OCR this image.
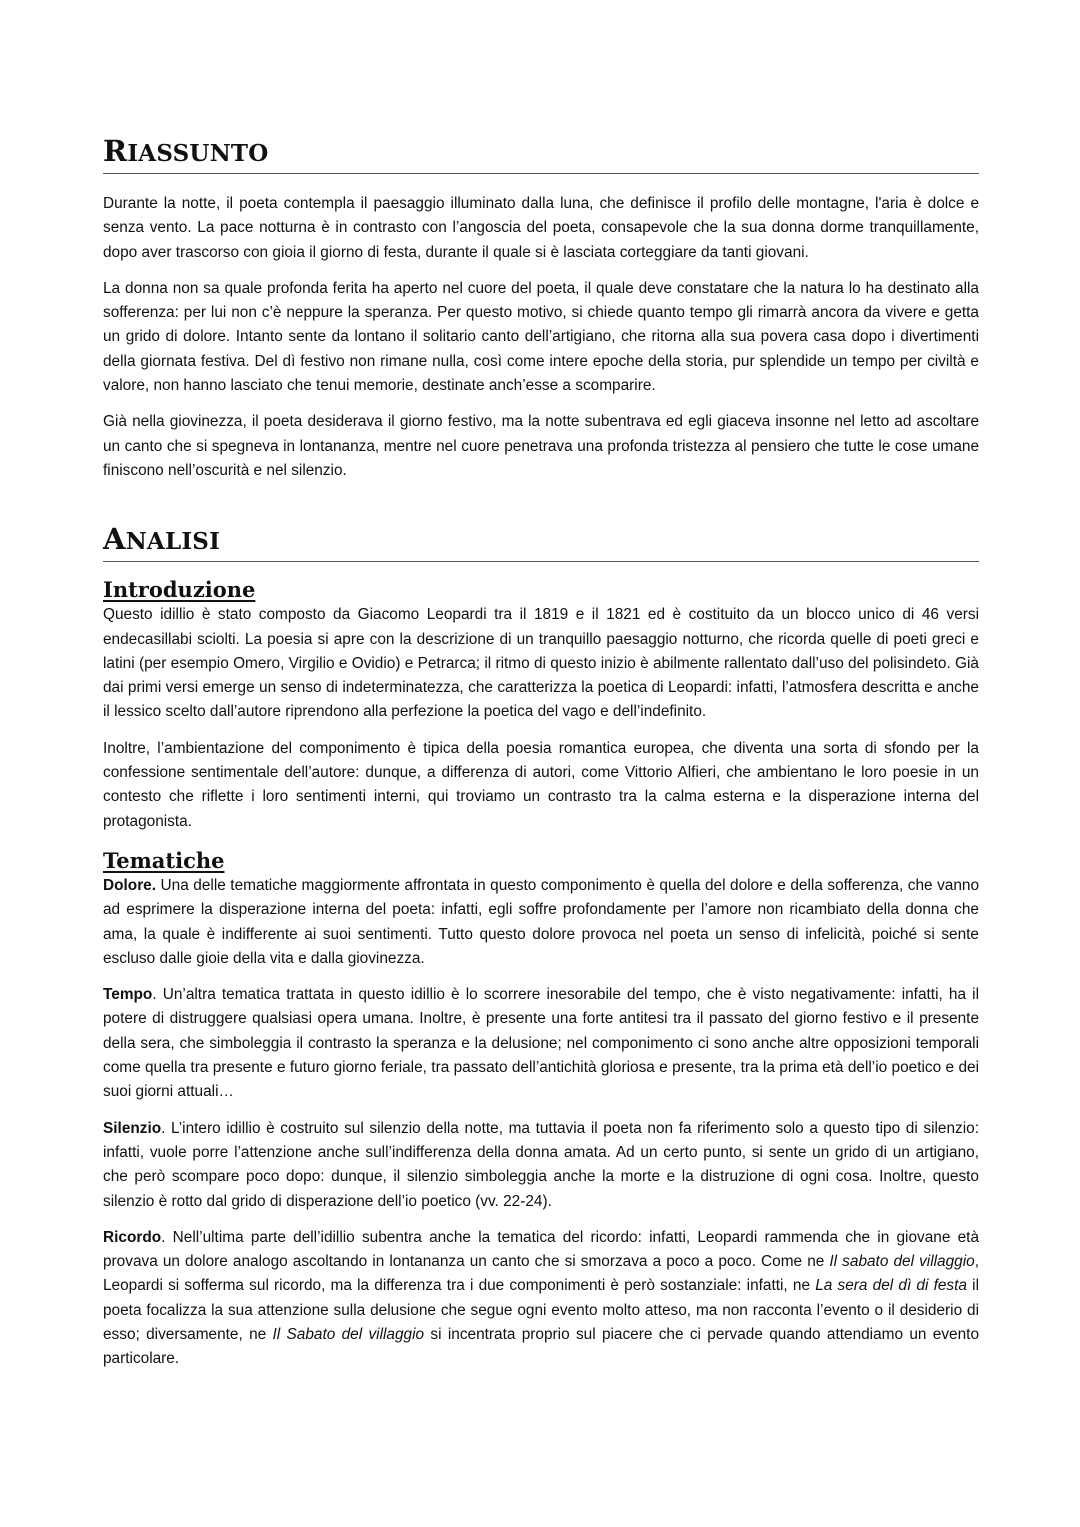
RIASSUNTO

Durante la notte, il poeta contempla il paesaggio illuminato dalla luna, che definisce il profilo delle montagne, l'aria è dolce e senza vento. La pace notturna è in contrasto con l’angoscia del poeta, consapevole che la sua donna dorme tranquillamente, dopo aver trascorso con gioia il giorno di festa, durante il quale si è lasciata corteggiare da tanti giovani.

La donna non sa quale profonda ferita ha aperto nel cuore del poeta, il quale deve constatare che la natura lo ha destinato alla sofferenza: per lui non c’è neppure la speranza. Per questo motivo, si chiede quanto tempo gli rimarrà ancora da vivere e getta un grido di dolore. Intanto sente da lontano il solitario canto dell’artigiano, che ritorna alla sua povera casa dopo i divertimenti della giornata festiva. Del dì festivo non rimane nulla, così come intere epoche della storia, pur splendide un tempo per civiltà e valore, non hanno lasciato che tenui memorie, destinate anch’esse a scomparire.

Già nella giovinezza, il poeta desiderava il giorno festivo, ma la notte subentrava ed egli giaceva insonne nel letto ad ascoltare un canto che si spegneva in lontananza, mentre nel cuore penetrava una profonda tristezza al pensiero che tutte le cose umane finiscono nell’oscurità e nel silenzio.

ANALISI
Introduzione

Questo idillio è stato composto da Giacomo Leopardi tra il 1819 e il 1821 ed è costituito da un blocco unico di 46 versi endecasillabi sciolti. La poesia si apre con la descrizione di un tranquillo paesaggio notturno, che ricorda quelle di poeti greci e latini (per esempio Omero, Virgilio e Ovidio) e Petrarca; il ritmo di questo inizio è abilmente rallentato dall’uso del polisindeto. Già dai primi versi emerge un senso di indeterminatezza, che caratterizza la poetica di Leopardi: infatti, l’atmosfera descritta e anche il lessico scelto dall’autore riprendono alla perfezione la poetica del vago e dell’indefinito.

Inoltre, l’ambientazione del componimento è tipica della poesia romantica europea, che diventa una sorta di sfondo per la confessione sentimentale dell’autore: dunque, a differenza di autori, come Vittorio Alfieri, che ambientano le loro poesie in un contesto che riflette i loro sentimenti interni, qui troviamo un contrasto tra la calma esterna e la disperazione interna del protagonista.

Tematiche

Dolore. Una delle tematiche maggiormente affrontata in questo componimento è quella del dolore e della sofferenza, che vanno ad esprimere la disperazione interna del poeta: infatti, egli soffre profondamente per l’amore non ricambiato della donna che ama, la quale è indifferente ai suoi sentimenti. Tutto questo dolore provoca nel poeta un senso di infelicità, poiché si sente escluso dalle gioie della vita e dalla giovinezza.

Tempo. Un’altra tematica trattata in questo idillio è lo scorrere inesorabile del tempo, che è visto negativamente: infatti, ha il potere di distruggere qualsiasi opera umana. Inoltre, è presente una forte antitesi tra il passato del giorno festivo e il presente della sera, che simboleggia il contrasto la speranza e la delusione; nel componimento ci sono anche altre opposizioni temporali come quella tra presente e futuro giorno feriale, tra passato dell’antichità gloriosa e presente, tra la prima età dell’io poetico e dei suoi giorni attuali…

Silenzio. L’intero idillio è costruito sul silenzio della notte, ma tuttavia il poeta non fa riferimento solo a questo tipo di silenzio: infatti, vuole porre l’attenzione anche sull’indifferenza della donna amata. Ad un certo punto, si sente un grido di un artigiano, che però scompare poco dopo: dunque, il silenzio simboleggia anche la morte e la distruzione di ogni cosa. Inoltre, questo silenzio è rotto dal grido di disperazione dell’io poetico (vv. 22-24).

Ricordo. Nell’ultima parte dell’idillio subentra anche la tematica del ricordo: infatti, Leopardi rammenda che in giovane età provava un dolore analogo ascoltando in lontananza un canto che si smorzava a poco a poco. Come ne Il sabato del villaggio, Leopardi si sofferma sul ricordo, ma la differenza tra i due componimenti è però sostanziale: infatti, ne La sera del dì di festa il poeta focalizza la sua attenzione sulla delusione che segue ogni evento molto atteso, ma non racconta l’evento o il desiderio di esso; diversamente, ne Il Sabato del villaggio si incentrata proprio sul piacere che ci pervade quando attendiamo un evento particolare.
